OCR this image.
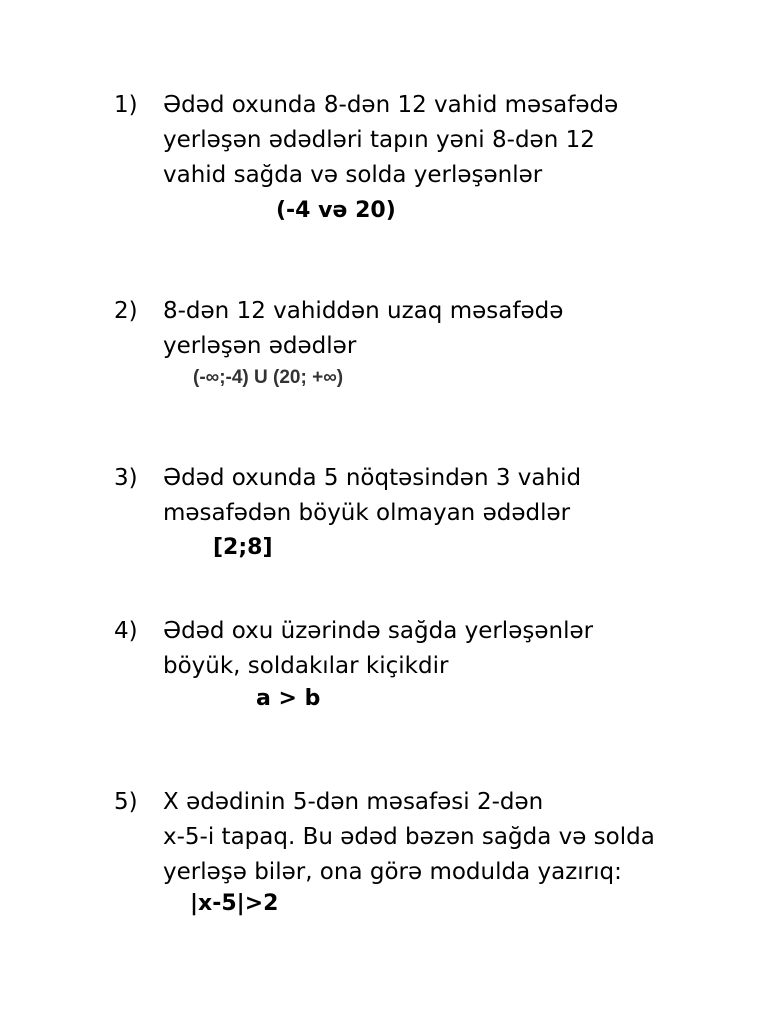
1) Ədəd oxunda 8-dən 12 vahid məsafədə
yerləşən ədədləri tapın yəni 8-dən 12
vahid sağda və solda yerləşənlər
(-4 və 20)
2) 8-dən 12 vahiddən uzaq məsafədə
yerləşən ədədlər
(-∞;-4) U (20; +∞)
3) Ədəd oxunda 5 nöqtəsindən 3 vahid
məsafədən böyük olmayan ədədlər
[2;8]
4) Ədəd oxu üzərində sağda yerləşənlər
böyük, soldakılar kiçikdir
a > b
5) X ədədinin 5-dən məsafəsi 2-dən
x-5-i tapaq. Bu ədəd bəzən sağda və solda
yerləşə bilər, ona görə modulda yazırıq:
|x-5|>2
